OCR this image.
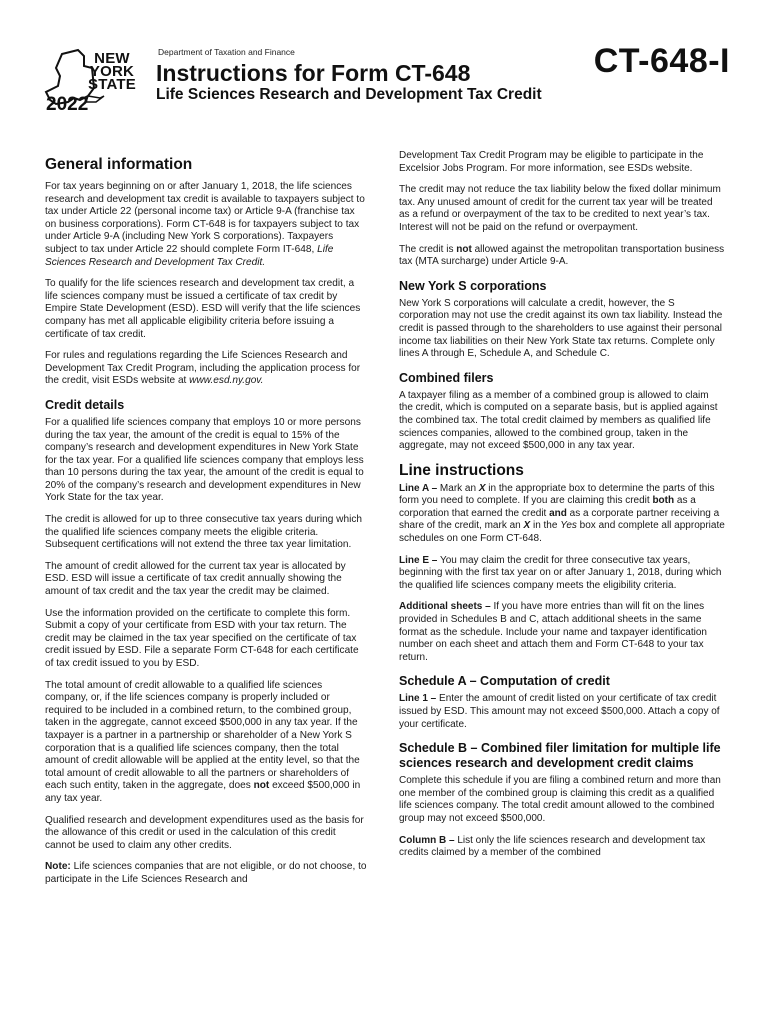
NEW
YORK
STATE
2022
Department of Taxation and Finance
Instructions for Form CT-648	CT-648-I
Life Sciences Research and Development Tax Credit
General information

For tax years beginning on or after January 1, 2018, the life sciences research and development tax credit is available to taxpayers subject to tax under Article 22 (personal income tax) or Article 9-A (franchise tax on business corporations). Form CT-648 is for taxpayers subject to tax under Article 9-A (including New York S corporations). Taxpayers subject to tax under Article 22 should complete Form IT-648, Life Sciences Research and Development Tax Credit.

To qualify for the life sciences research and development tax credit, a life sciences company must be issued a certificate of tax credit by Empire State Development (ESD). ESD will verify that the life sciences company has met all applicable eligibility criteria before issuing a certificate of tax credit.

For rules and regulations regarding the Life Sciences Research and Development Tax Credit Program, including the application process for the credit, visit ESDs website at www.esd.ny.gov.

Credit details

For a qualified life sciences company that employs 10 or more persons during the tax year, the amount of the credit is equal to 15% of the company’s research and development expenditures in New York State for the tax year. For a qualified life sciences company that employs less than 10 persons during the tax year, the amount of the credit is equal to 20% of the company’s research and development expenditures in New York State for the tax year.

The credit is allowed for up to three consecutive tax years during which the qualified life sciences company meets the eligible criteria. Subsequent certifications will not extend the three tax year limitation.

The amount of credit allowed for the current tax year is allocated by ESD. ESD will issue a certificate of tax credit annually showing the amount of tax credit and the tax year the credit may be claimed.

Use the information provided on the certificate to complete this form. Submit a copy of your certificate from ESD with your tax return. The credit may be claimed in the tax year specified on the certificate of tax credit issued by ESD. File a separate Form CT-648 for each certificate of tax credit issued to you by ESD.

The total amount of credit allowable to a qualified life sciences company, or, if the life sciences company is properly included or required to be included in a combined return, to the combined group, taken in the aggregate, cannot exceed $500,000 in any tax year. If the taxpayer is a partner in a partnership or shareholder of a New York S corporation that is a qualified life sciences company, then the total amount of credit allowable will be applied at the entity level, so that the total amount of credit allowable to all the partners or shareholders of each such entity, taken in the aggregate, does not exceed $500,000 in any tax year.

Qualified research and development expenditures used as the basis for the allowance of this credit or used in the calculation of this credit cannot be used to claim any other credits.

Note: Life sciences companies that are not eligible, or do not choose, to participate in the Life Sciences Research and

Development Tax Credit Program may be eligible to participate in the Excelsior Jobs Program. For more information, see ESDs website.

The credit may not reduce the tax liability below the fixed dollar minimum tax. Any unused amount of credit for the current tax year will be treated as a refund or overpayment of the tax to be credited to next year’s tax. Interest will not be paid on the refund or overpayment.

The credit is not allowed against the metropolitan transportation business tax (MTA surcharge) under Article 9-A.

New York S corporations

New York S corporations will calculate a credit, however, the S corporation may not use the credit against its own tax liability. Instead the credit is passed through to the shareholders to use against their personal income tax liabilities on their New York State tax returns. Complete only lines A through E, Schedule A, and Schedule C.

Combined filers

A taxpayer filing as a member of a combined group is allowed to claim the credit, which is computed on a separate basis, but is applied against the combined tax. The total credit claimed by members as qualified life sciences companies, allowed to the combined group, taken in the aggregate, may not exceed $500,000 in any tax year.

Line instructions

Line A – Mark an X in the appropriate box to determine the parts of this form you need to complete. If you are claiming this credit both as a corporation that earned the credit and as a corporate partner receiving a share of the credit, mark an X in the Yes box and complete all appropriate schedules on one Form CT-648.

Line E – You may claim the credit for three consecutive tax years, beginning with the first tax year on or after January 1, 2018, during which the qualified life sciences company meets the eligibility criteria.

Additional sheets – If you have more entries than will fit on the lines provided in Schedules B and C, attach additional sheets in the same format as the schedule. Include your name and taxpayer identification number on each sheet and attach them and Form CT-648 to your tax return.

Schedule A – Computation of credit

Line 1 – Enter the amount of credit listed on your certificate of tax credit issued by ESD. This amount may not exceed $500,000. Attach a copy of your certificate.

Schedule B – Combined filer limitation for multiple life sciences research and development credit claims

Complete this schedule if you are filing a combined return and more than one member of the combined group is claiming this credit as a qualified life sciences company. The total credit amount allowed to the combined group may not exceed $500,000.

Column B – List only the life sciences research and development tax credits claimed by a member of the combined
